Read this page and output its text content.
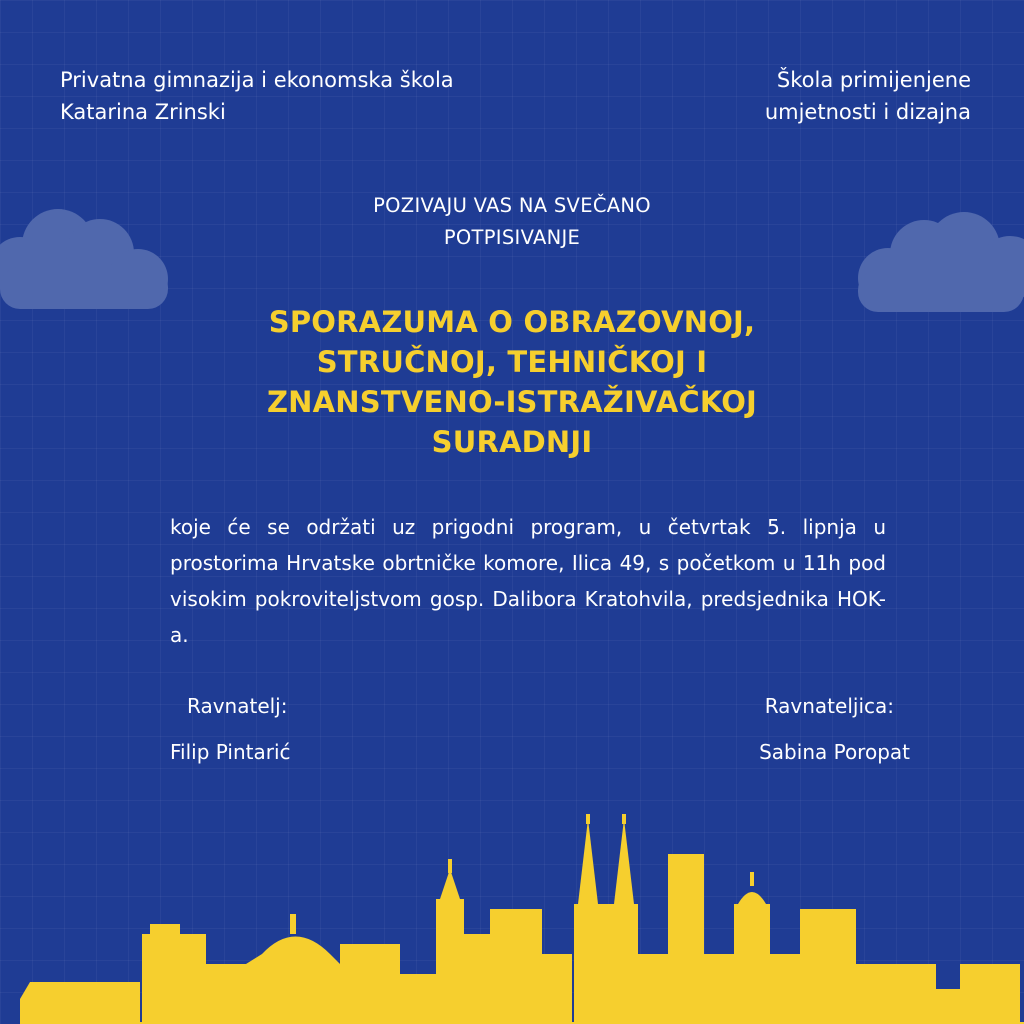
Privatna gimnazija i ekonomska škola
Katarina Zrinski
Škola primijenjene
umjetnosti i dizajna
POZIVAJU VAS NA SVEČANO
POTPISIVANJE
SPORAZUMA O OBRAZOVNOJ,
STRUČNOJ, TEHNIČKOJ I
ZNANSTVENO-ISTRAŽIVAČKOJ
SURADNJI
koje će se održati uz prigodni program, u četvrtak 5. lipnja u prostorima Hrvatske obrtničke komore, Ilica 49, s početkom u 11h pod visokim pokroviteljstvom gosp. Dalibora Kratohvila, predsjednika HOK-a.
Ravnatelj:
Filip Pintarić
Ravnateljica:
Sabina Poropat
